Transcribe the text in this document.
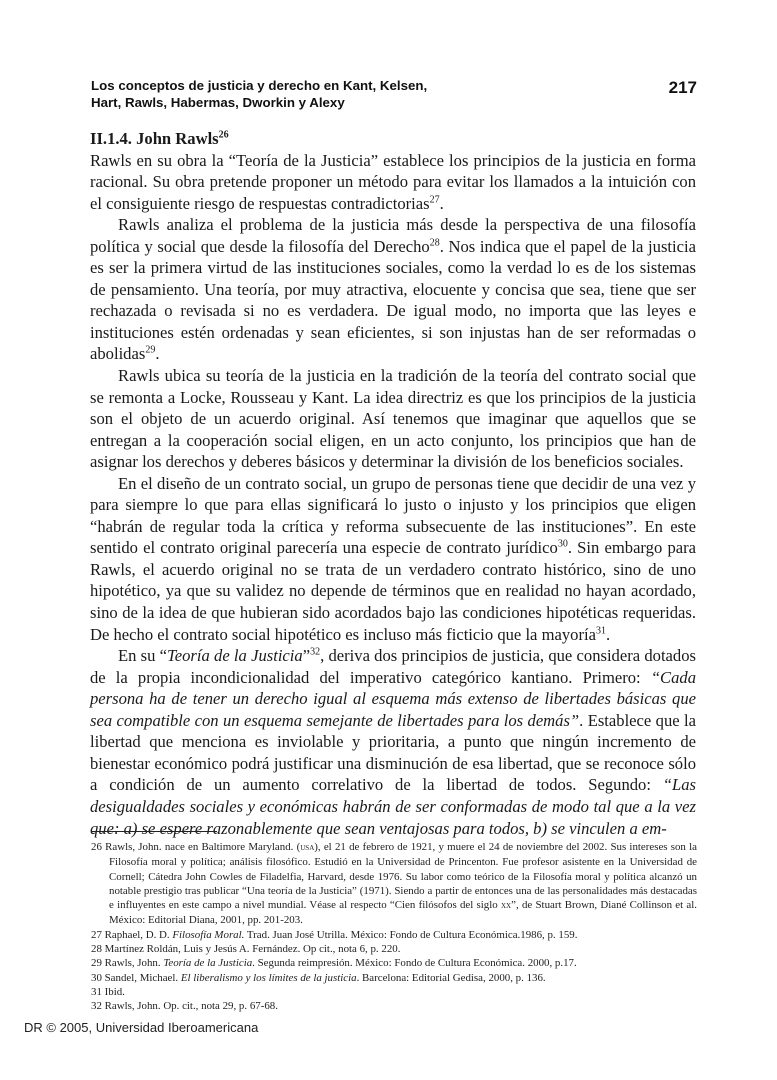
Los conceptos de justicia y derecho en Kant, Kelsen,
Hart, Rawls, Habermas, Dworkin y Alexy
217

II.1.4. John Rawls$^{26}$

Rawls en su obra la “Teoría de la Justicia” establece los principios de la justicia en forma racional. Su obra pretende proponer un método para evitar los llamados a la intuición con el consiguiente riesgo de respuestas contradictorias$^{27}$.

Rawls analiza el problema de la justicia más desde la perspectiva de una filosofía política y social que desde la filosofía del Derecho$^{28}$. Nos indica que el papel de la justicia es ser la primera virtud de las instituciones sociales, como la verdad lo es de los sistemas de pensamiento. Una teoría, por muy atractiva, elocuente y concisa que sea, tiene que ser rechazada o revisada si no es verdadera. De igual modo, no importa que las leyes e instituciones estén ordenadas y sean eficientes, si son injustas han de ser reformadas o abolidas$^{29}$.

Rawls ubica su teoría de la justicia en la tradición de la teoría del contrato social que se remonta a Locke, Rousseau y Kant. La idea directriz es que los principios de la justicia son el objeto de un acuerdo original. Así tenemos que imaginar que aquellos que se entregan a la cooperación social eligen, en un acto conjunto, los principios que han de asignar los derechos y deberes básicos y determinar la división de los beneficios sociales.

En el diseño de un contrato social, un grupo de personas tiene que decidir de una vez y para siempre lo que para ellas significará lo justo o injusto y los principios que eligen “habrán de regular toda la crítica y reforma subsecuente de las instituciones”. En este sentido el contrato original parecería una especie de contrato jurídico$^{30}$. Sin embargo para Rawls, el acuerdo original no se trata de un verdadero contrato histórico, sino de uno hipotético, ya que su validez no depende de términos que en realidad no hayan acordado, sino de la idea de que hubieran sido acordados bajo las condiciones hipotéticas requeridas. De hecho el contrato social hipotético es incluso más ficticio que la mayoría$^{31}$.

En su “Teoría de la Justicia”$^{32}$, deriva dos principios de justicia, que considera dotados de la propia incondicionalidad del imperativo categórico kantiano. Primero: “Cada persona ha de tener un derecho igual al esquema más extenso de libertades básicas que sea compatible con un esquema semejante de libertades para los demás”. Establece que la libertad que menciona es inviolable y prioritaria, a punto que ningún incremento de bienestar económico podrá justificar una disminución de esa libertad, que se reconoce sólo a condición de un aumento correlativo de la libertad de todos. Segundo: “Las desigualdades sociales y económicas habrán de ser conformadas de modo tal que a la vez que: a) se espere razonablemente que sean ventajosas para todos, b) se vinculen a em-

26 Rawls, John. nace en Baltimore Maryland. (usa), el 21 de febrero de 1921, y muere el 24 de noviembre del 2002. Sus intereses son la Filosofía moral y política; análisis filosófico. Estudió en la Universidad de Princenton. Fue profesor asistente en la Universidad de Cornell; Cátedra John Cowles de Filadelfia, Harvard, desde 1976. Su labor como teórico de la Filosofía moral y política alcanzó un notable prestigio tras publicar “Una teoría de la Justicia” (1971). Siendo a partir de entonces una de las personalidades más destacadas e influyentes en este campo a nivel mundial. Véase al respecto “Cien filósofos del siglo xx”, de Stuart Brown, Diané Collinson et al. México: Editorial Diana, 2001, pp. 201-203.

27 Raphael, D. D. Filosofía Moral. Trad. Juan José Utrilla. México: Fondo de Cultura Económica.1986, p. 159.

28 Martínez Roldán, Luis y Jesús A. Fernández. Op cit., nota 6, p. 220.

29 Rawls, John. Teoría de la Justicia. Segunda reimpresión. México: Fondo de Cultura Económica. 2000, p.17.

30 Sandel, Michael. El liberalismo y los límites de la justicia. Barcelona: Editorial Gedisa, 2000, p. 136.

31 Ibid.

32 Rawls, John. Op. cit., nota 29, p. 67-68.

DR © 2005, Universidad Iberoamericana
